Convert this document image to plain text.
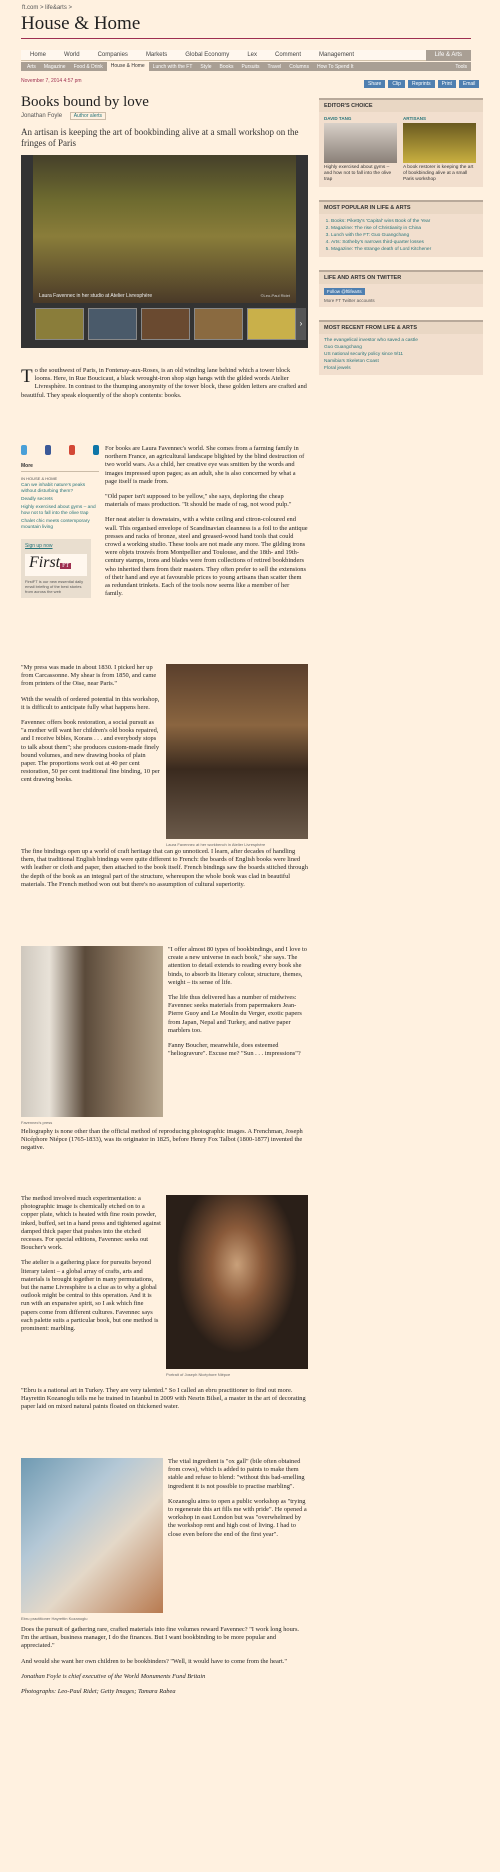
ft.com > life&arts >
House & Home
Home	World	Companies	Markets	Global Economy	Lex	Comment	Management	Life & Arts
Arts	Magazine	Food & Drink	House & Home	Lunch with the FT	Style	Books	Pursuits	Travel	Columns	How To Spend It	Tools
Share	Clip	Reprints	Print	Email
November 7, 2014 4:57 pm
Books bound by love
Jonathan Foyle Author alerts
An artisan is keeping the art of bookbinding alive at a small workshop on the fringes of Paris
Laura Favennec in her studio at Atelier Livresphère	©Leo-Paul Ridet
›

To the southwest of Paris, in Fontenay-aux-Roses, is an old winding lane behind which a tower block looms. Here, in Rue Boucicaut, a black wrought-iron shop sign hangs with the gilded words Atelier Livresphère. In contrast to the thumping anonymity of the tower block, these golden letters are crafted and beautiful. They speak eloquently of the shop's contents: books.

More
IN HOUSE & HOME
Can we inhabit nature's peaks without disturbing them?
Deadly secrets
Highly exercised about gyms – and how not to fall into the olive trap
Chalet chic meets contemporary mountain living
Sign up now
First FT
FirstFT is our new essential daily email briefing of the best stories from across the web

For books are Laura Favennec's world. She comes from a farming family in northern France, an agricultural landscape blighted by the blind destruction of two world wars. As a child, her creative eye was smitten by the words and images impressed upon pages; as an adult, she is also concerned by what a page itself is made from.

"Old paper isn't supposed to be yellow," she says, deploring the cheap materials of mass production. "It should be made of rag, not wood pulp."

Her neat atelier is downstairs, with a white ceiling and citron-coloured end wall. This organised envelope of Scandinavian cleanness is a foil to the antique presses and racks of bronze, steel and greased-wood hand tools that could crowd a working studio. These tools are not made any more. The gilding irons were objets trouvés from Montpellier and Toulouse, and the 18th- and 19th-century stamps, irons and blades were from collections of retired bookbinders who inherited them from their masters. They often prefer to sell the extensions of their hand and eye at favourable prices to young artisans than scatter them as redundant trinkets. Each of the tools now seems like a member of her family.

"My press was made in about 1830. I picked her up from Carcassonne. My shear is from 1850, and came from printers of the Oise, near Paris."

With the wealth of ordered potential in this workshop, it is difficult to anticipate fully what happens here.

Favennec offers book restoration, a social pursuit as "a mother will want her children's old books repaired, and I receive bibles, Korans . . . and everybody stops to talk about them"; she produces custom-made finely bound volumes, and new drawing books of plain paper. The proportions work out at 40 per cent restoration, 50 per cent traditional fine binding, 10 per cent drawing books.

Laura Favennec at her workbench in Atelier Livresphère

The fine bindings open up a world of craft heritage that can go unnoticed. I learn, after decades of handling them, that traditional English bindings were quite different to French: the boards of English books were lined with leather or cloth and paper, then attached to the book itself. French bindings saw the boards stitched through the depth of the book as an integral part of the structure, whereupon the whole book was clad in beautiful materials. The French method won out but there's no assumption of cultural superiority.

Favennec's press

"I offer almost 80 types of bookbindings, and I love to create a new universe in each book," she says. The attention to detail extends to reading every book she binds, to absorb its literary colour, structure, themes, weight – its sense of life.

The life thus delivered has a number of midwives: Favennec seeks materials from papermakers Jean-Pierre Guoy and Le Moulin du Verger, exotic papers from Japan, Nepal and Turkey, and native paper marblers too.

Fanny Boucher, meanwhile, does esteemed "heliogravure". Excuse me? "Sun . . . impressions"?

Heliography is none other than the official method of reproducing photographic images. A Frenchman, Joseph Nicéphore Niépce (1765-1833), was its originator in 1825, before Henry Fox Talbot (1800-1877) invented the negative.

The method involved much experimentation: a photographic image is chemically etched on to a copper plate, which is heated with fine rosin powder, inked, buffed, set in a hand press and tightened against damped thick paper that pushes into the etched recesses. For special editions, Favennec seeks out Boucher's work.

The atelier is a gathering place for pursuits beyond literary talent – a global array of crafts, arts and materials is brought together in many permutations, but the name Livresphère is a clue as to why a global outlook might be central to this operation. And it is run with an expansive spirit, so I ask which fine papers come from different cultures. Favennec says each palette suits a particular book, but one method is prominent: marbling.

Portrait of Joseph Nicéphore Niépce

"Ebru is a national art in Turkey. They are very talented." So I called an ebru practitioner to find out more. Hayrettin Kozanoglu tells me he trained in Istanbul in 2009 with Nesrin Bilsel, a master in the art of decorating paper laid on mixed natural paints floated on thickened water.

Ebru practitioner Hayrettin Kozanoglu

The vital ingredient is "ox gall" (bile often obtained from cows), which is added to paints to make them stable and refuse to blend: "without this bad-smelling ingredient it is not possible to practise marbling".

Kozanoglu aims to open a public workshop as "trying to regenerate this art fills me with pride". He opened a workshop in east London but was "overwhelmed by the workshop rent and high cost of living. I had to close even before the end of the first year".

Does the pursuit of gathering rare, crafted materials into fine volumes reward Favennec? "I work long hours. I'm the artisan, business manager, I do the finances. But I want bookbinding to be more popular and appreciated."

And would she want her own children to be bookbinders? "Well, it would have to come from the heart."

Jonathan Foyle is chief executive of the World Monuments Fund Britain

Photographs: Leo-Paul Ridet; Getty Images; Tamara Rabea

EDITOR'S CHOICE
DAVID TANG
Highly exercised about gyms – and how not to fall into the olive trap
ARTISANS
A book restorer is keeping the art of bookbinding alive at a small Paris workshop
MOST POPULAR IN LIFE & ARTS
1. Books: Piketty's 'Capital' wins Book of the Year
2. Magazine: The rise of Christianity in China
3. Lunch with the FT: Guo Guangchang
4. Arts: Sotheby's narrows third-quarter losses
5. Magazine: The strange death of Lord Kitchener
LIFE AND ARTS ON TWITTER
Follow @ftlifearts
More FT Twitter accounts
MOST RECENT FROM LIFE & ARTS
The evangelical investor who saved a castle
Guo Guangchang
US national security policy since 9/11
Namibia's Skeleton Coast
Floral jewels
